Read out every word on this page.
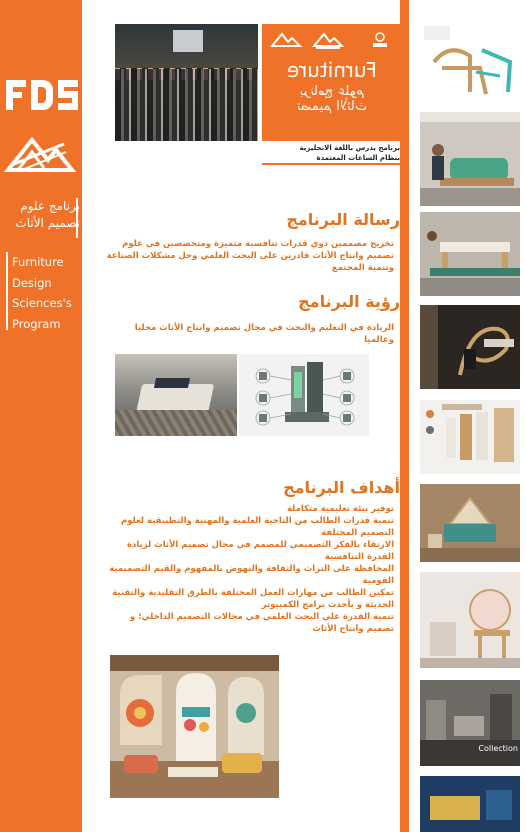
برنامج علوم
تصميم الأثاث
Furniture
Design
Sciences's
Program
Furniture
برنامج علوم
تصميم الأثاث
برنامج يدرس باللغة الانجليزية
بنظام الساعات المعتمدة
رسالة البرنامج
تخريج مصممين ذوي قدرات تنافسية متميزة ومتخصصين في علوم تصميم وانتاج الأثاث قادرين على البحث العلمي وحل مشكلات الصناعة وتنمية المجتمع
رؤية البرنامج
الريادة في التعليم والبحث في مجال تصميم وانتاج الأثاث محليا وعالميا
أهداف البرنامج
توفير بيئة تعليمية متكاملة
تنمية قدرات الطالب من الناحية العلمية والمهنية والتطبيقية لعلوم التصميم المختلفة
الارتقاء بالفكر التصميمي للمصمم في مجال تصميم الأثاث لزيادة القدرة التنافسية
المحافظة على التراث والثقافة والنهوض بالمفهوم والقيم التصميمية القومية
تمكين الطالب من مهارات العمل المختلفة بالطرق التقليدية والتقنية الحديثة و بأحدث برامج الكمبيوتر
تنمية القدرة علي البحث العلمي في مجالات التصميم الداخلي؛ و تصميم وانتاج الأثاث
Collection
